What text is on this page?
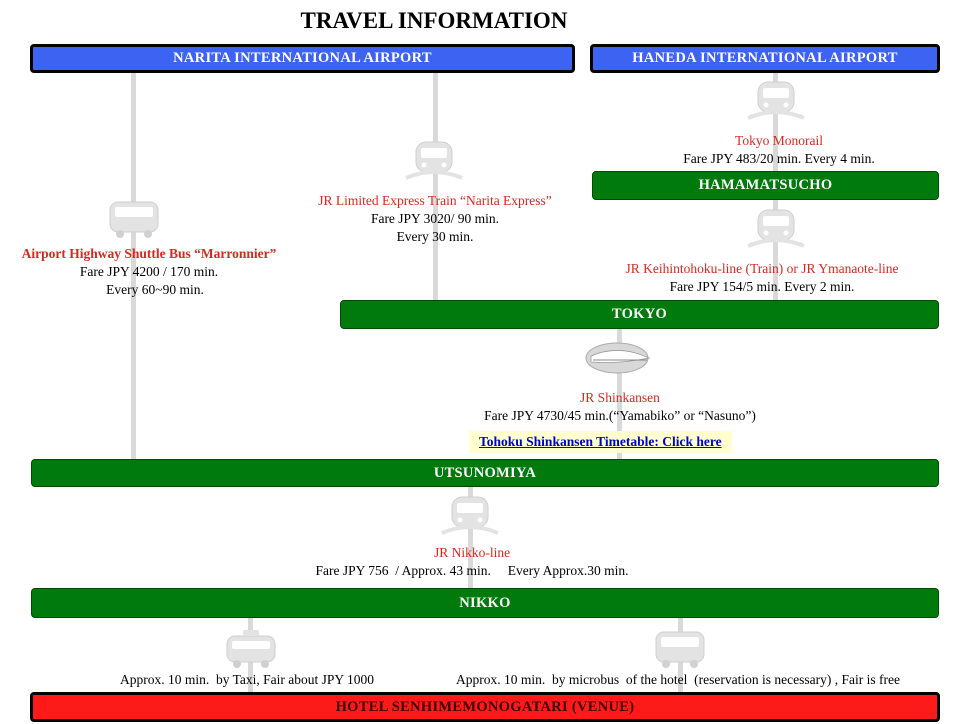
TRAVEL INFORMATION
NARITA INTERNATIONAL AIRPORT	HANEDA INTERNATIONAL AIRPORT
HAMAMATSUCHO
TOKYO
UTSUNOMIYA
NIKKO
HOTEL SENHIMEMONOGATARI (VENUE)
Tokyo Monorail
Fare JPY 483/20 min. Every 4 min.
JR Limited Express Train “Narita Express”
Fare JPY 3020/ 90 min.
Every 30 min.
Airport Highway Shuttle Bus “Marronnier”
Fare JPY 4200 / 170 min.
Every 60~90 min.
JR Keihintohoku-line (Train) or JR Ymanaote-line
Fare JPY 154/5 min. Every 2 min.
JR Shinkansen
Fare JPY 4730/45 min.(“Yamabiko” or “Nasuno”)
Tohoku Shinkansen Timetable: Click here
JR Nikko-line
Fare JPY 756  / Approx. 43 min.     Every Approx.30 min.
Approx. 10 min.  by Taxi, Fair about JPY 1000	Approx. 10 min.  by microbus  of the hotel  (reservation is necessary) , Fair is free
